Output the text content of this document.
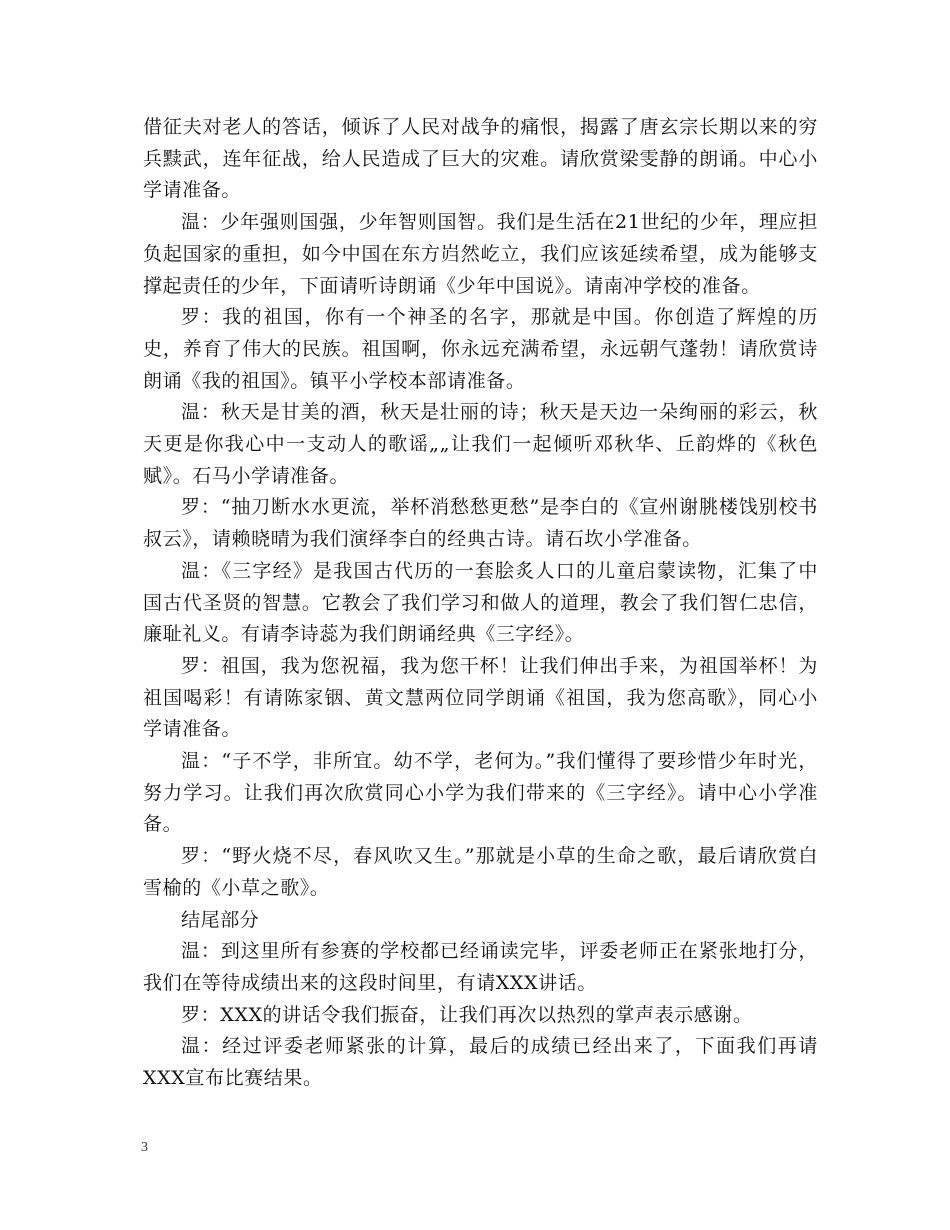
借征夫对老人的答话，倾诉了人民对战争的痛恨，揭露了唐玄宗长期以来的穷兵黩武，连年征战，给人民造成了巨大的灾难。请欣赏梁雯静的朗诵。中心小学请准备。

温：少年强则国强，少年智则国智。我们是生活在21世纪的少年，理应担负起国家的重担，如今中国在东方岿然屹立，我们应该延续希望，成为能够支撑起责任的少年，下面请听诗朗诵《少年中国说》。请南冲学校的准备。

罗：我的祖国，你有一个神圣的名字，那就是中国。你创造了辉煌的历史，养育了伟大的民族。祖国啊，你永远充满希望，永远朝气蓬勃！请欣赏诗朗诵《我的祖国》。镇平小学校本部请准备。

温：秋天是甘美的酒，秋天是壮丽的诗；秋天是天边一朵绚丽的彩云，秋天更是你我心中一支动人的歌谣„„让我们一起倾听邓秋华、丘韵烨的《秋色赋》。石马小学请准备。

罗：“抽刀断水水更流，举杯消愁愁更愁”是李白的《宣州谢朓楼饯别校书叔云》，请赖晓晴为我们演绎李白的经典古诗。请石坎小学准备。

温：《三字经》是我国古代历的一套脍炙人口的儿童启蒙读物，汇集了中国古代圣贤的智慧。它教会了我们学习和做人的道理，教会了我们智仁忠信，廉耻礼义。有请李诗蕊为我们朗诵经典《三字经》。

罗：祖国，我为您祝福，我为您干杯！让我们伸出手来，为祖国举杯！为祖国喝彩！有请陈家铟、黄文慧两位同学朗诵《祖国，我为您高歌》，同心小学请准备。

温：“子不学，非所宜。幼不学，老何为。”我们懂得了要珍惜少年时光，努力学习。让我们再次欣赏同心小学为我们带来的《三字经》。请中心小学准备。

罗：“野火烧不尽，春风吹又生。”那就是小草的生命之歌，最后请欣赏白雪榆的《小草之歌》。

结尾部分

温：到这里所有参赛的学校都已经诵读完毕，评委老师正在紧张地打分，我们在等待成绩出来的这段时间里，有请XXX讲话。

罗：XXX的讲话令我们振奋，让我们再次以热烈的掌声表示感谢。

温：经过评委老师紧张的计算，最后的成绩已经出来了，下面我们再请XXX宣布比赛结果。

3
